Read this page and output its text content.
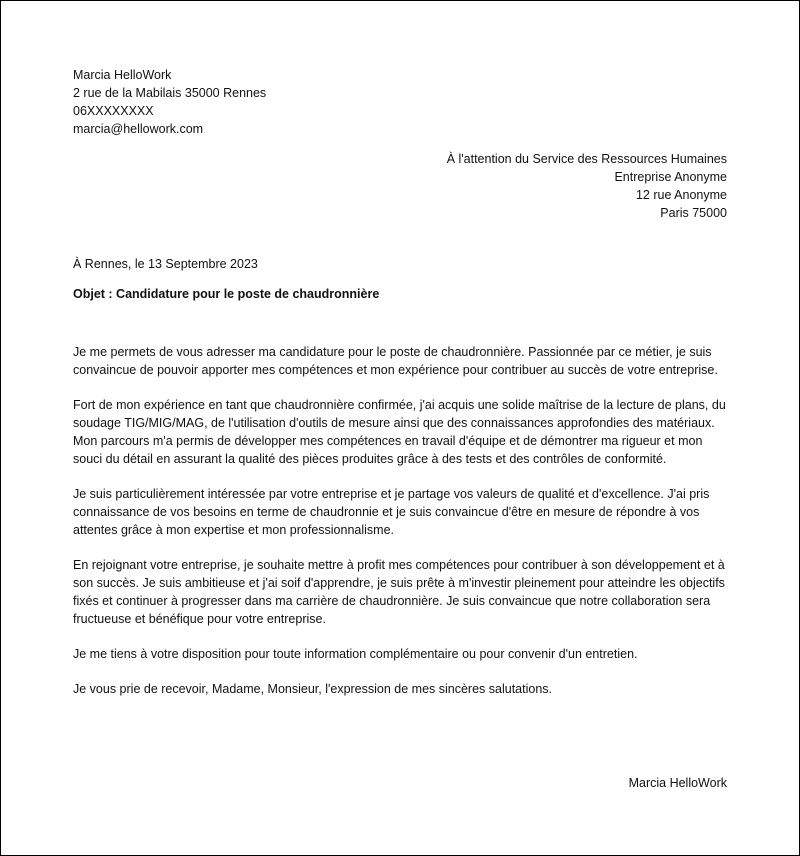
Marcia HelloWork
2 rue de la Mabilais 35000 Rennes
06XXXXXXXX
marcia@hellowork.com
À l'attention du Service des Ressources Humaines
Entreprise Anonyme
12 rue Anonyme
Paris 75000
À Rennes, le 13 Septembre 2023
Objet : Candidature pour le poste de chaudronnière

Je me permets de vous adresser ma candidature pour le poste de chaudronnière. Passionnée par ce métier, je suis convaincue de pouvoir apporter mes compétences et mon expérience pour contribuer au succès de votre entreprise.

Fort de mon expérience en tant que chaudronnière confirmée, j'ai acquis une solide maîtrise de la lecture de plans, du soudage TIG/MIG/MAG, de l'utilisation d'outils de mesure ainsi que des connaissances approfondies des matériaux. Mon parcours m'a permis de développer mes compétences en travail d'équipe et de démontrer ma rigueur et mon souci du détail en assurant la qualité des pièces produites grâce à des tests et des contrôles de conformité.

Je suis particulièrement intéressée par votre entreprise et je partage vos valeurs de qualité et d'excellence. J'ai pris connaissance de vos besoins en terme de chaudronnie et je suis convaincue d'être en mesure de répondre à vos attentes grâce à mon expertise et mon professionnalisme.

En rejoignant votre entreprise, je souhaite mettre à profit mes compétences pour contribuer à son développement et à son succès. Je suis ambitieuse et j'ai soif d'apprendre, je suis prête à m'investir pleinement pour atteindre les objectifs fixés et continuer à progresser dans ma carrière de chaudronnière. Je suis convaincue que notre collaboration sera fructueuse et bénéfique pour votre entreprise.

Je me tiens à votre disposition pour toute information complémentaire ou pour convenir d'un entretien.

Je vous prie de recevoir, Madame, Monsieur, l'expression de mes sincères salutations.

Marcia HelloWork
